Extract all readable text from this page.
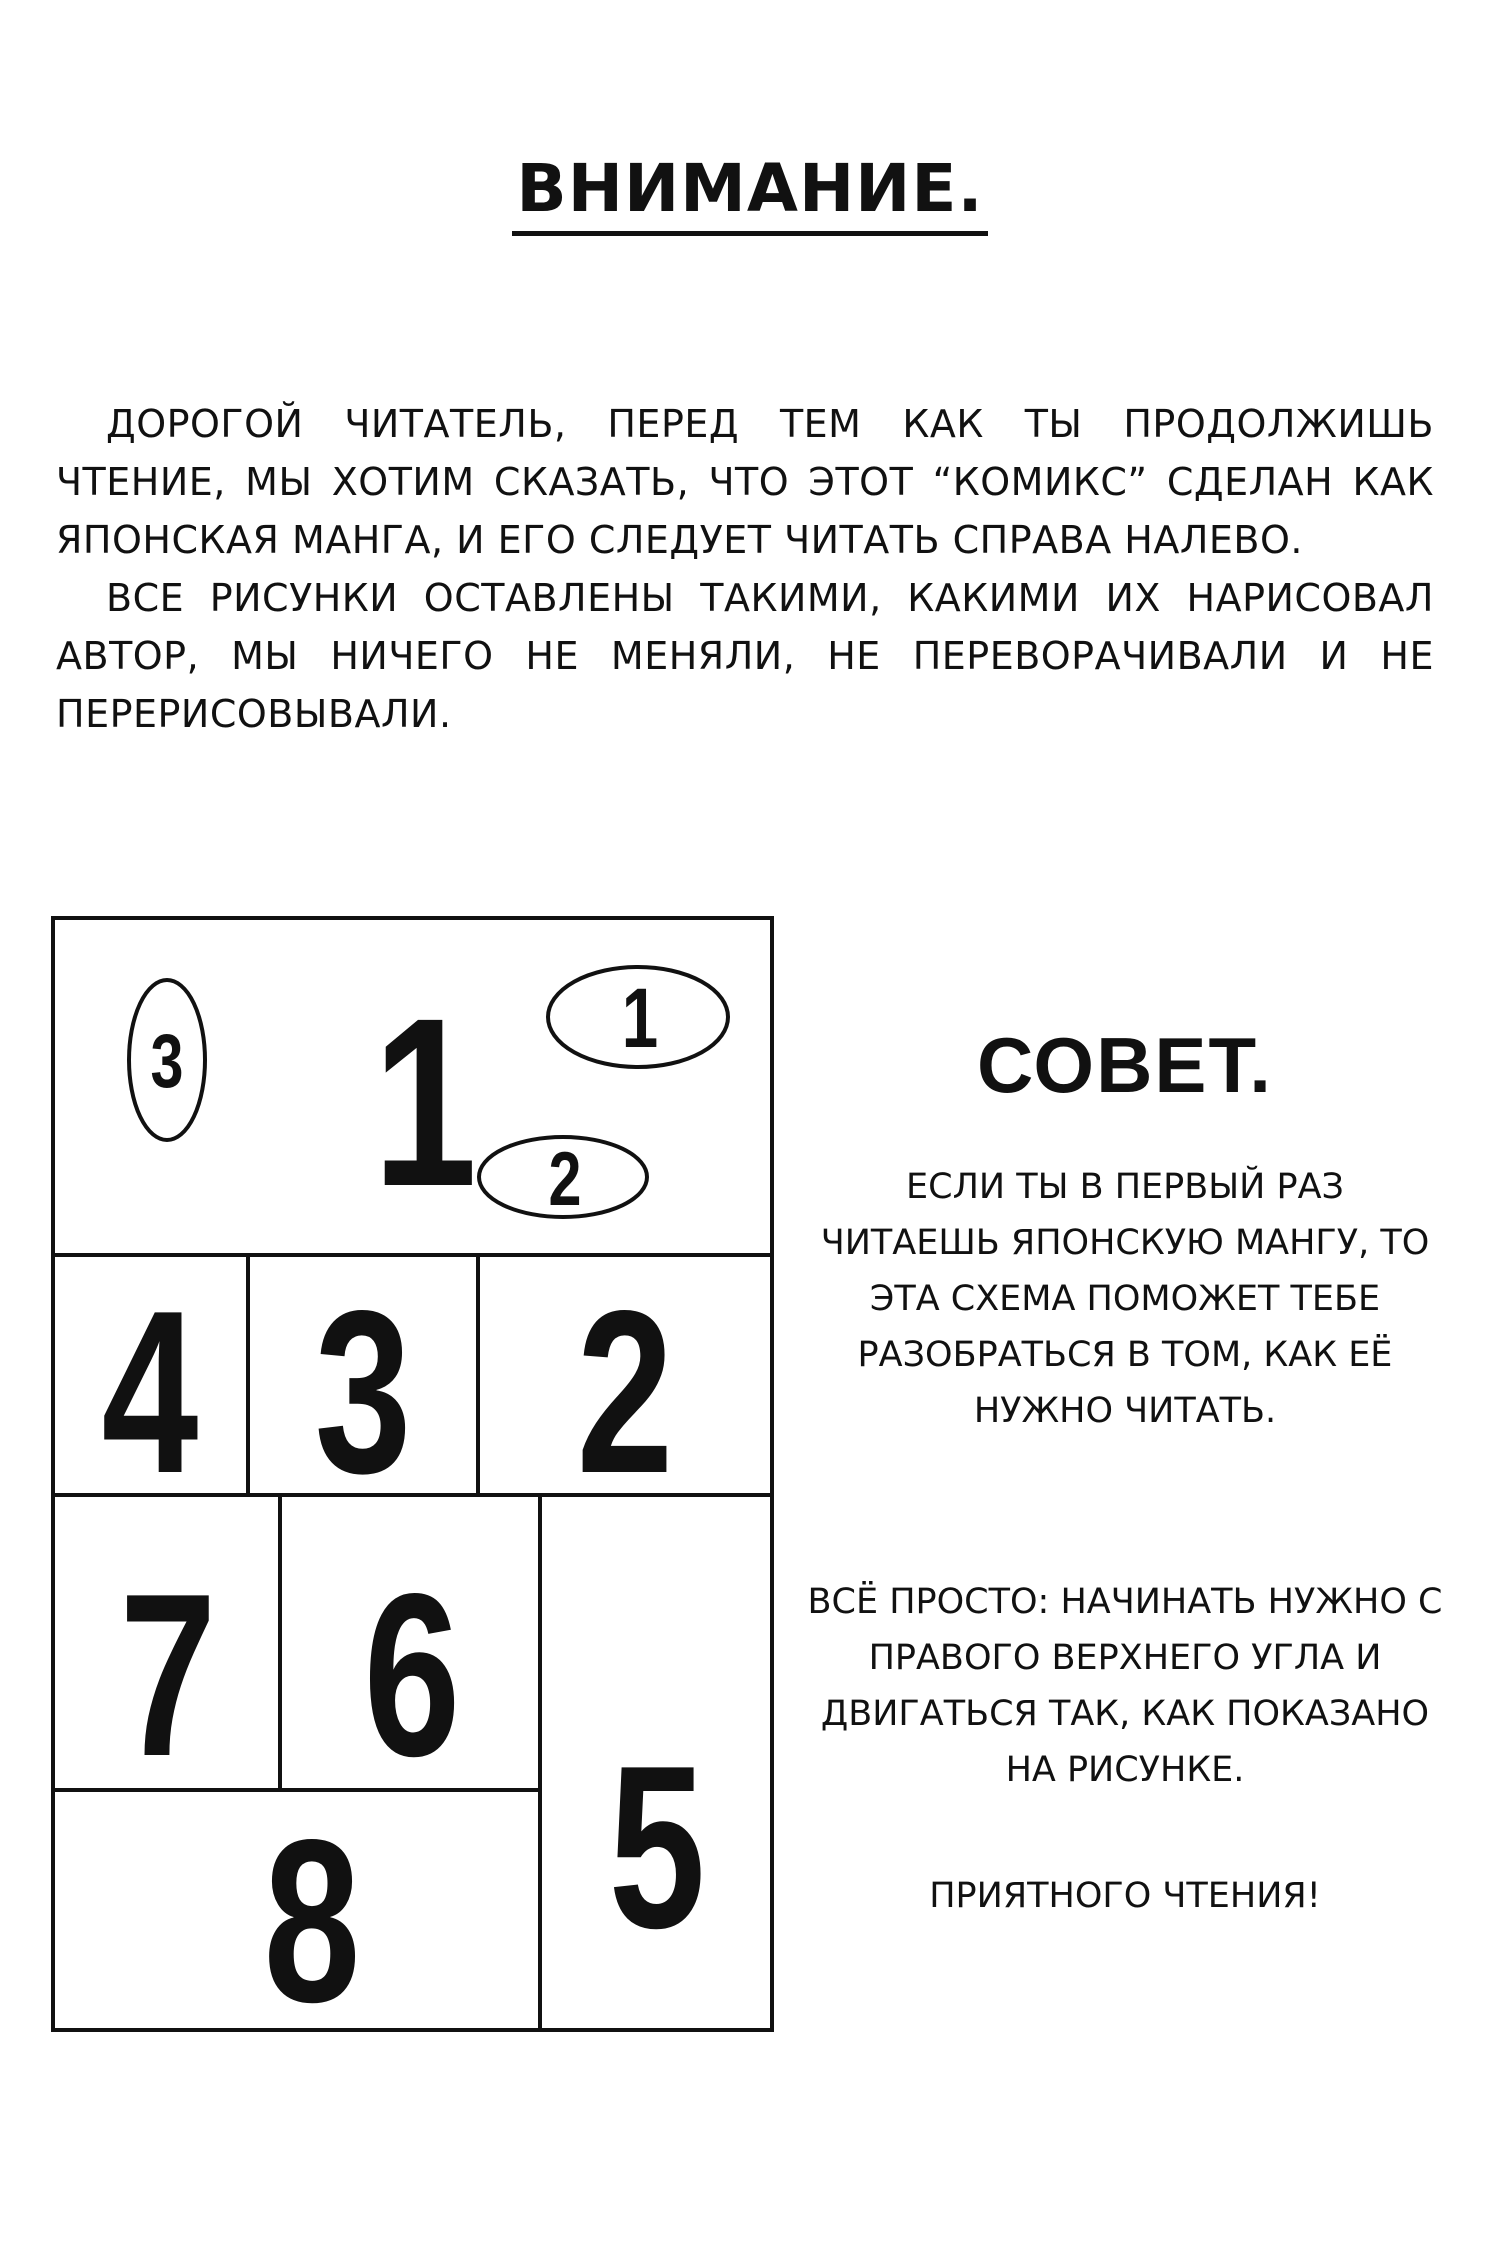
ВНИМАНИЕ.

ДОРОГОЙ ЧИТАТЕЛЬ, ПЕРЕД ТЕМ КАК ТЫ ПРОДОЛЖИШЬ ЧТЕНИЕ, МЫ ХОТИМ СКАЗАТЬ, ЧТО ЭТОТ “КОМИКС” СДЕЛАН КАК ЯПОНСКАЯ МАНГА, И ЕГО СЛЕДУЕТ ЧИТАТЬ СПРАВА НАЛЕВО.

ВСЕ РИСУНКИ ОСТАВЛЕНЫ ТАКИМИ, КАКИМИ ИХ НАРИСОВАЛ АВТОР, МЫ НИЧЕГО НЕ МЕНЯЛИ, НЕ ПЕРЕВОРАЧИВАЛИ И НЕ ПЕРЕРИСОВЫВАЛИ.

1
3	1
2
4 3 2
7 6
5
8
СОВЕТ.

ЕСЛИ ТЫ В ПЕРВЫЙ РАЗ ЧИТАЕШЬ ЯПОНСКУЮ МАНГУ, ТО ЭТА СХЕМА ПОМОЖЕТ ТЕБЕ РАЗОБРАТЬСЯ В ТОМ, КАК ЕЁ НУЖНО ЧИТАТЬ.

ВСЁ ПРОСТО: НАЧИНАТЬ НУЖНО С ПРАВОГО ВЕРХНЕГО УГЛА И ДВИГАТЬСЯ ТАК, КАК ПОКАЗАНО НА РИСУНКЕ.

ПРИЯТНОГО ЧТЕНИЯ!
